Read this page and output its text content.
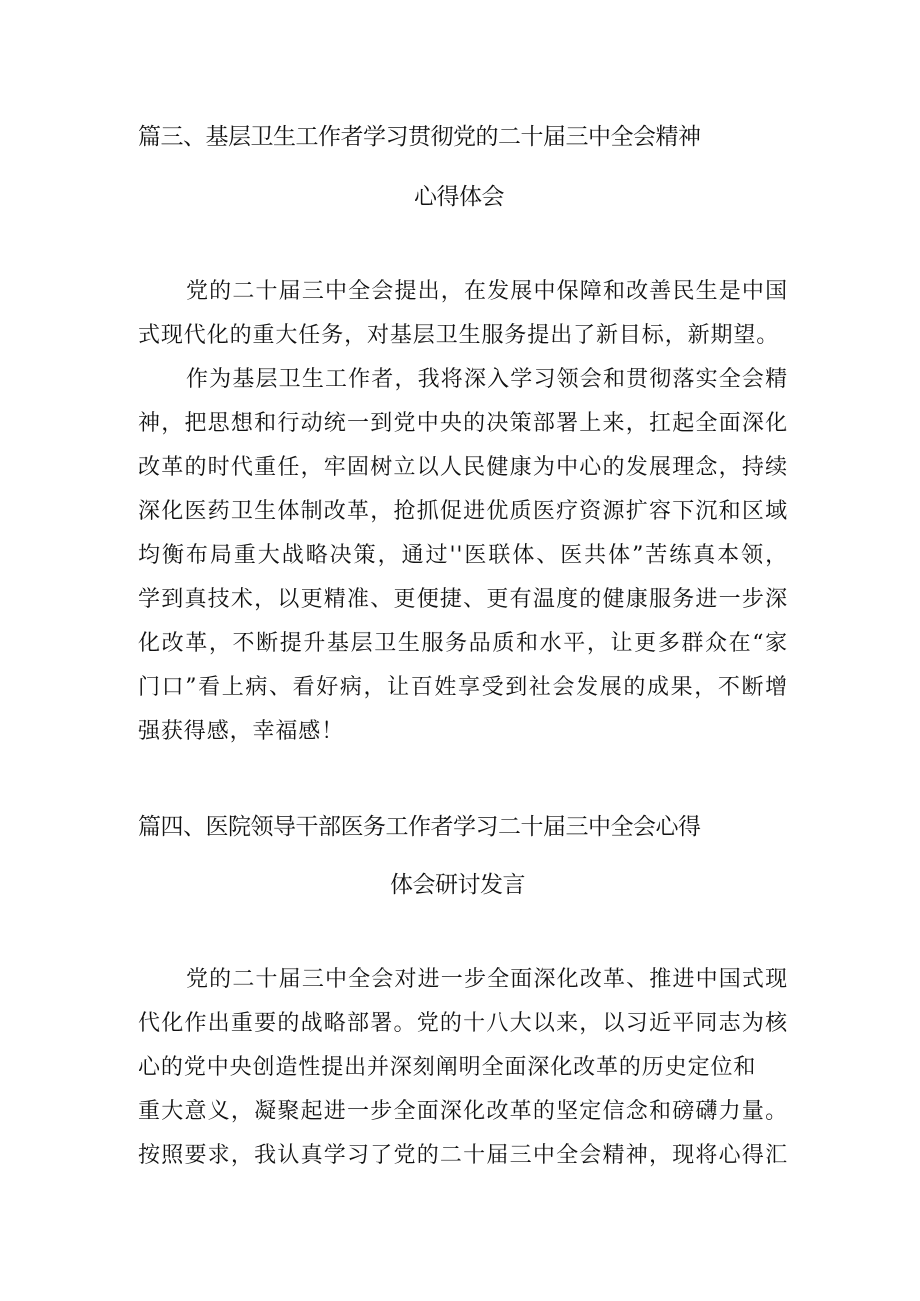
篇三、基层卫生工作者学习贯彻党的二十届三中全会精神
心得体会
党的二十届三中全会提出，在发展中保障和改善民生是中国
式现代化的重大任务，对基层卫生服务提出了新目标，新期望。
作为基层卫生工作者，我将深入学习领会和贯彻落实全会精
神，把思想和行动统一到党中央的决策部署上来，扛起全面深化
改革的时代重任，牢固树立以人民健康为中心的发展理念，持续
深化医药卫生体制改革，抢抓促进优质医疗资源扩容下沉和区域
均衡布局重大战略决策，通过''医联体、医共体”苦练真本领，
学到真技术，以更精准、更便捷、更有温度的健康服务进一步深
化改革，不断提升基层卫生服务品质和水平，让更多群众在“家
门口”看上病、看好病，让百姓享受到社会发展的成果，不断增
强获得感，幸福感！
篇四、医院领导干部医务工作者学习二十届三中全会心得
体会研讨发言
党的二十届三中全会对进一步全面深化改革、推进中国式现
代化作出重要的战略部署。党的十八大以来，以习近平同志为核
心的党中央创造性提出并深刻阐明全面深化改革的历史定位和
重大意义，凝聚起进一步全面深化改革的坚定信念和磅礴力量。
按照要求，我认真学习了党的二十届三中全会精神，现将心得汇
